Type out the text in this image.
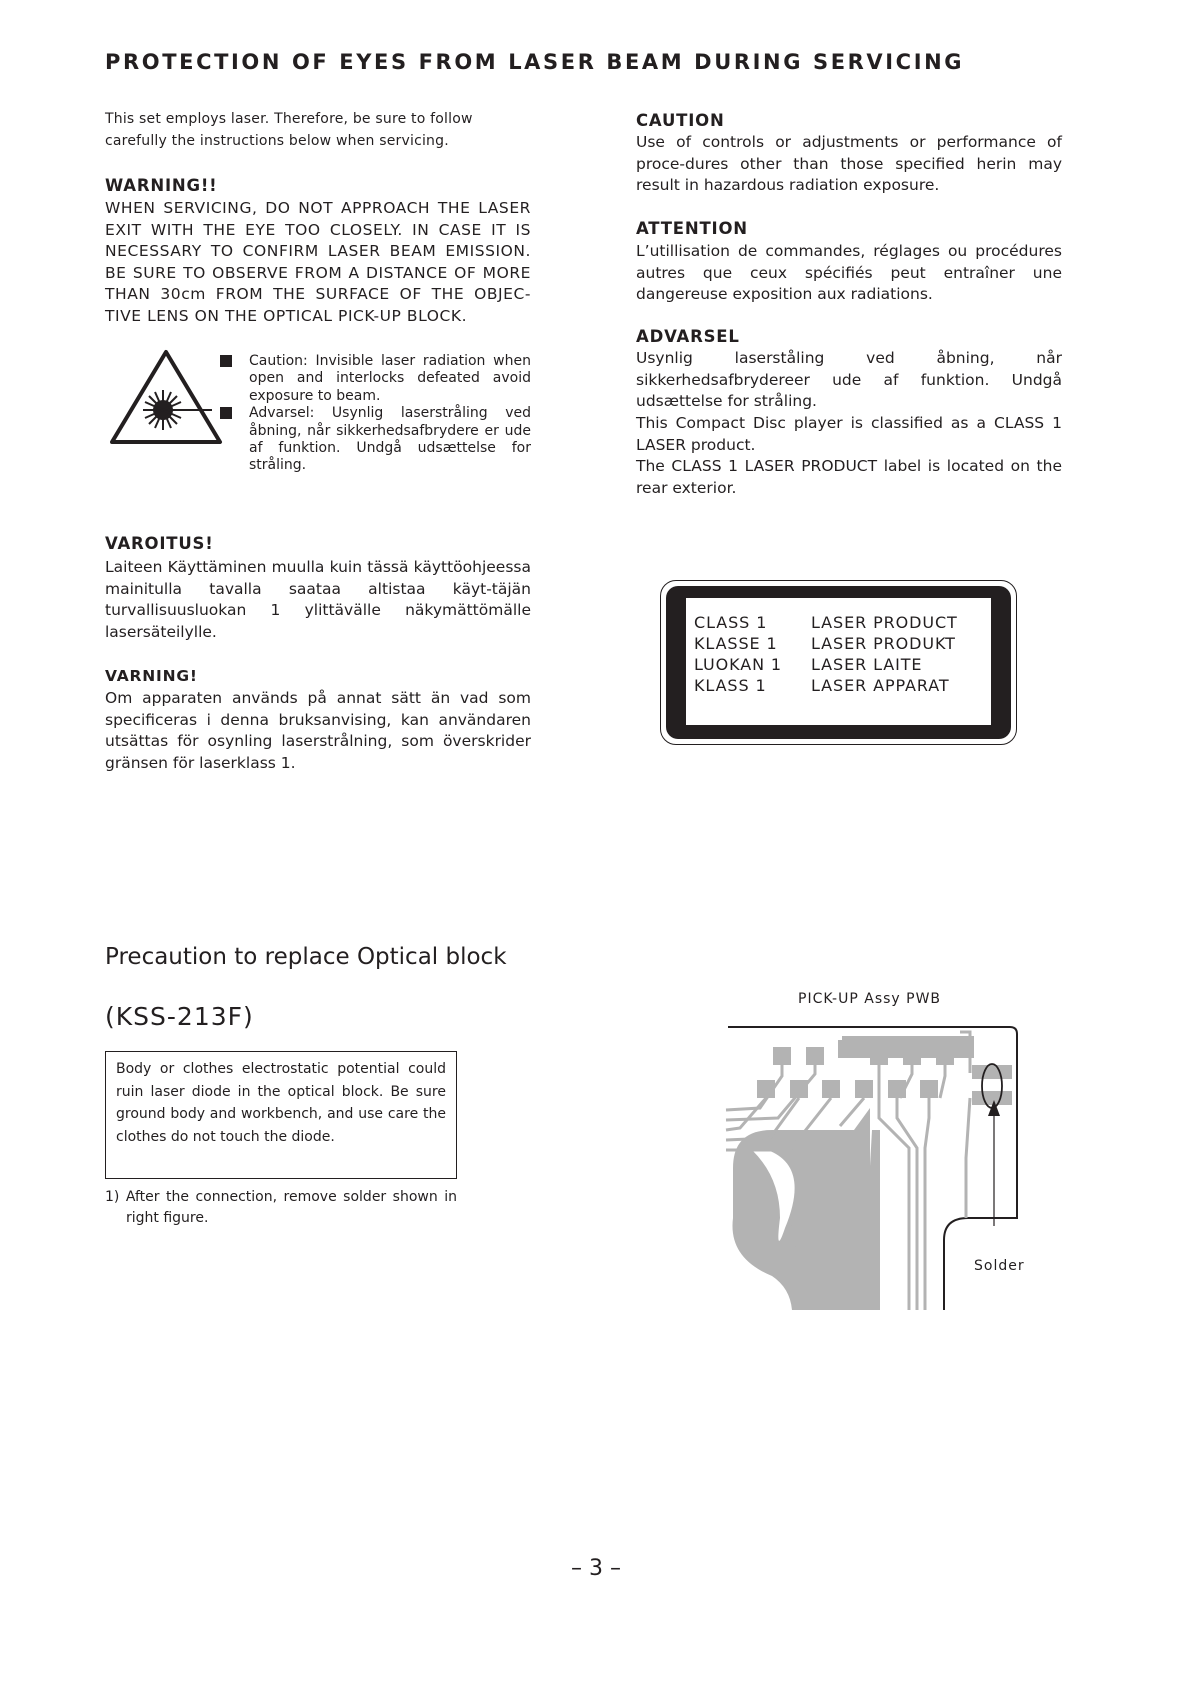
PROTECTION OF EYES FROM LASER BEAM DURING SERVICING
This set employs laser. Therefore, be sure to follow carefully the instructions below when servicing.
WARNING!!
WHEN SERVICING, DO NOT APPROACH THE LASER EXIT WITH THE EYE TOO CLOSELY. IN CASE IT IS NECESSARY TO CONFIRM LASER BEAM EMISSION. BE SURE TO OBSERVE FROM A DISTANCE OF MORE THAN 30cm FROM THE SURFACE OF THE OBJEC-TIVE LENS ON THE OPTICAL PICK-UP BLOCK.
Caution: Invisible laser radiation when open and interlocks defeated avoid exposure to beam.
Advarsel: Usynlig laserstråling ved åbning, når sikkerhedsafbrydere er ude af funktion. Undgå udsættelse for stråling.
VAROITUS!
Laiteen Käyttäminen muulla kuin tässä käyttöohjeessa mainitulla tavalla saataa altistaa käyt-täjän turvallisuusluokan 1 ylittävälle näkymättömälle lasersäteilylle.
VARNING!
Om apparaten används på annat sätt än vad som specificeras i denna bruksanvising, kan användaren utsättas för osynling laserstrålning, som överskrider gränsen för laserklass 1.
CAUTION
Use of controls or adjustments or performance of proce-dures other than those specified herin may result in hazardous radiation exposure.
ATTENTION
L’utillisation de commandes, réglages ou procédures autres que ceux spécifiés peut entraîner une dangereuse exposition aux radiations.
ADVARSEL
Usynlig laserståling ved åbning, når sikkerhedsafbrydereer ude af funktion. Undgå udsættelse for stråling.
This Compact Disc player is classified as a CLASS 1 LASER product.
The CLASS 1 LASER PRODUCT label is located on the rear exterior.
CLASS 1	LASER PRODUCT
KLASSE 1	LASER PRODUKT
LUOKAN 1	LASER LAITE
KLASS 1	LASER APPARAT
Precaution to replace Optical block
(KSS-213F)
Body or clothes electrostatic potential could ruin laser diode in the optical block. Be sure ground body and workbench, and use care the clothes do not touch the diode.
1) After the connection, remove solder shown in right figure.
PICK-UP Assy PWB
Solder
– 3 –
